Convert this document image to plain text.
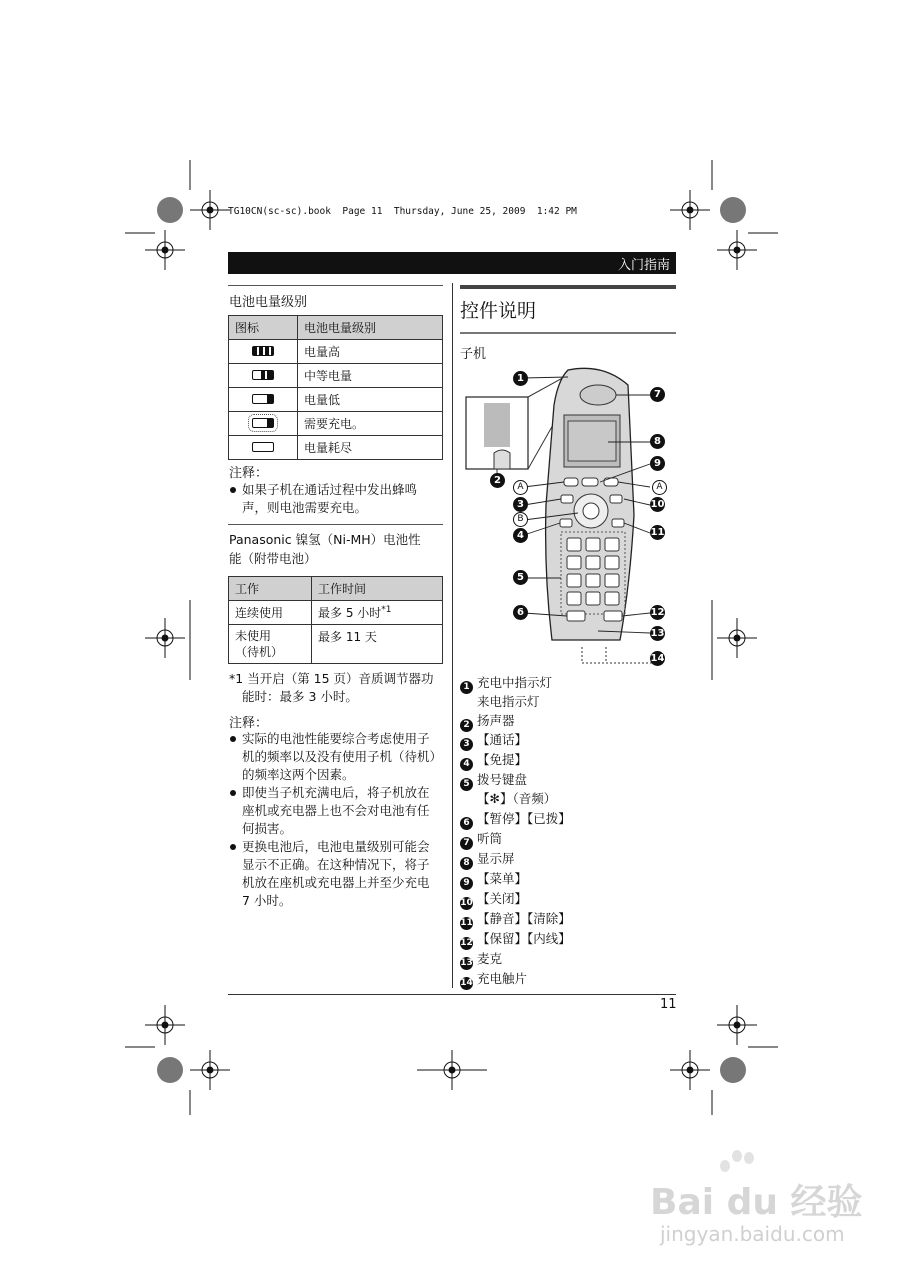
TG10CN(sc-sc).book  Page 11  Thursday, June 25, 2009  1:42 PM
入门指南
电池电量级别
图标	电池电量级别
	电量高
	中等电量
	电量低
	需要充电。
	电量耗尽
注释：
如果子机在通话过程中发出蜂鸣声，则电池需要充电。
Panasonic 镍氢（Ni-MH）电池性
能（附带电池）
工作	工作时间
连续使用	最多 5 小时$^{*1}$

未使用
（待机）	最多 11 天
*1 当开启（第 15 页）音质调节器功
能时：最多 3 小时。
注释：
实际的电池性能要综合考虑使用子机的频率以及没有使用子机（待机）的频率这两个因素。
即使当子机充满电后，将子机放在座机或充电器上也不会对电池有任何损害。
更换电池后，电池电量级别可能会显示不正确。在这种情况下，将子机放在座机或充电器上并至少充电 7 小时。
控件说明
子机
1
7
8
9
2
A	A
3	10
B
4	11
5
6	12
13
14
1 充电中指示灯
来电指示灯
2 扬声器
3 【通话】
4 【免提】
5 拨号键盘
【✻】（音频）
6 【暂停】【已拨】
7 听筒
8 显示屏
9 【菜单】
10 【关闭】
11 【静音】【清除】
12 【保留】【内线】
13 麦克
14 充电触片
11
Bai du 经验
jingyan.baidu.com
